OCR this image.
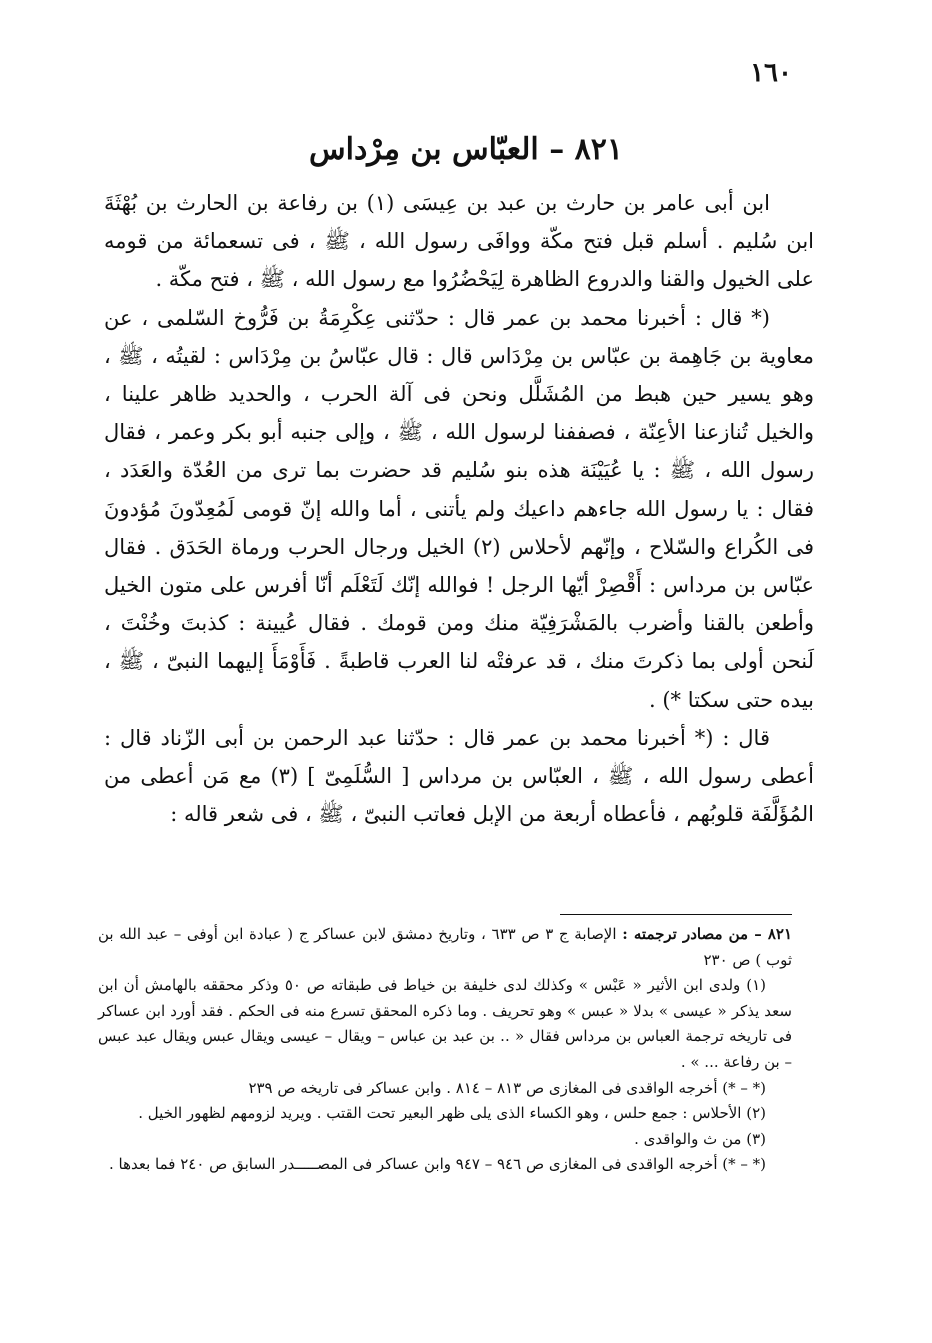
١٦٠
٨٢١ – العبّاس بن مِرْداس

ابن أبى عامر بن حارث بن عبد بن عِيسَى (١) بن رفاعة بن الحارث بن بُهْثَةَ ابن سُليم . أسلم قبل فتح مكّة ووافَى رسول الله ، ﷺ ، فى تسعمائة من قومه على الخيول والقنا والدروع الظاهرة لِيَحْضُرُوا مع رسول الله ، ﷺ ، فتح مكّة .

(* قال : أخبرنا محمد بن عمر قال : حدّثنى عِكْرِمَةُ بن فَرُّوخ السّلمى ، عن معاوية بن جَاهِمة بن عبّاس بن مِرْدَاس قال : قال عبّاسُ بن مِرْدَاس : لقيتُه ، ﷺ ، وهو يسير حين هبط من المُشَلَّل ونحن فى آلة الحرب ، والحديد ظاهر علينا ، والخيل تُنازعنا الأعِنّة ، فصففنا لرسول الله ، ﷺ ، وإلى جنبه أبو بكر وعمر ، فقال رسول الله ، ﷺ : يا عُيَيْنَة هذه بنو سُليم قد حضرت بما ترى من العُدّة والعَدَد ، فقال : يا رسول الله جاءهم داعيك ولم يأتنى ، أما والله إنّ قومى لَمُعِدّونَ مُؤدونَ فى الكُراع والسّلاح ، وإنّهم لأحلاس (٢) الخيل ورجال الحرب ورماة الحَدَق . فقال عبّاس بن مرداس : أَقْصِرْ أيّها الرجل ! فوالله إنّك لَتَعْلَم أنّا أفرس على متون الخيل وأطعن بالقنا وأضرب بالمَشْرَفِيّة منك ومن قومك . فقال عُيينة : كذبتَ وخُنْتَ ، لَنحن أولى بما ذكرتَ منك ، قد عرفتْه لنا العرب قاطبةً . فَأَوْمَأَ إليهما النبىّ ، ﷺ ، بيده حتى سكتا *) .

قال : (* أخبرنا محمد بن عمر قال : حدّثنا عبد الرحمن بن أبى الزّناد قال : أعطى رسول الله ، ﷺ ، العبّاس بن مرداس [ السُّلَمِىّ ] (٣) مع مَن أعطى من المُؤَلَّفَة قلوبُهم ، فأعطاه أربعة من الإبل فعاتب النبىّ ، ﷺ ، فى شعر قاله :

٨٢١ – من مصادر ترجمته : الإصابة ج ٣ ص ٦٣٣ ، وتاريخ دمشق لابن عساكر ج ( عبادة ابن أوفى – عبد الله بن ثوب ) ص ٢٣٠

(١) ولدى ابن الأثير « عَبْس » وكذلك لدى خليفة بن خياط فى طبقاته ص ٥٠ وذكر محققه بالهامش أن ابن سعد يذكر « عيسى » بدلا « عبس » وهو تحريف . وما ذكره المحقق تسرع منه فى الحكم . فقد أورد ابن عساكر فى تاريخه ترجمة العباس بن مرداس فقال « .. بن عبد بن عباس – ويقال – عيسى ويقال عبس ويقال عبد عبس – بن رفاعة ... » .

(* – *) أخرجه الواقدى فى المغازى ص ٨١٣ – ٨١٤ . وابن عساكر فى تاريخه ص ٢٣٩

(٢) الأحلاس : جمع حلس ، وهو الكساء الذى يلى ظهر البعير تحت القتب . ويريد لزومهم لظهور الخيل .

(٣) من ث والواقدى .

(* – *) أخرجه الواقدى فى المغازى ص ٩٤٦ – ٩٤٧ وابن عساكر فى المصـــــدر السابق ص ٢٤٠ فما بعدها .
